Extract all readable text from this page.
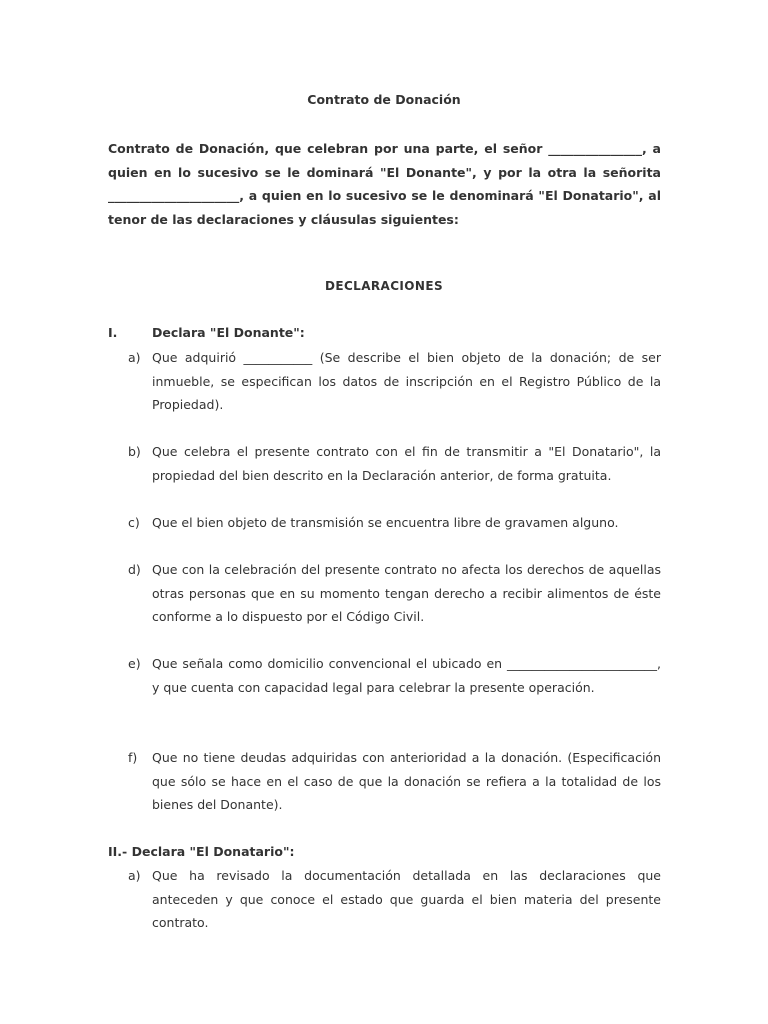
Contrato de Donación
Contrato de Donación, que celebran por una parte, el señor _______________, a quien en lo sucesivo se le dominará "El Donante", y por la otra la señorita _____________________, a quien en lo sucesivo se le denominará "El Donatario", al tenor de las declaraciones y cláusulas siguientes:
DECLARACIONES
I.	Declara "El Donante":
a) Que adquirió ___________ (Se describe el bien objeto de la donación; de ser inmueble, se especifican los datos de inscripción en el Registro Público de la Propiedad).
b) Que celebra el presente contrato con el fin de transmitir a "El Donatario", la propiedad del bien descrito en la Declaración anterior, de forma gratuita.
c) Que el bien objeto de transmisión se encuentra libre de gravamen alguno.
d) Que con la celebración del presente contrato no afecta los derechos de aquellas otras personas que en su momento tengan derecho a recibir alimentos de éste conforme a lo dispuesto por el Código Civil.
e) Que señala como domicilio convencional el ubicado en ________________________, y que cuenta con capacidad legal para celebrar la presente operación.
f)	Que no tiene deudas adquiridas con anterioridad a la donación. (Especificación que sólo se hace en el caso de que la donación se refiera a la totalidad de los bienes del Donante).
II.- Declara "El Donatario":
a) Que ha revisado la documentación detallada en las declaraciones que anteceden y que conoce el estado que guarda el bien materia del presente contrato.
